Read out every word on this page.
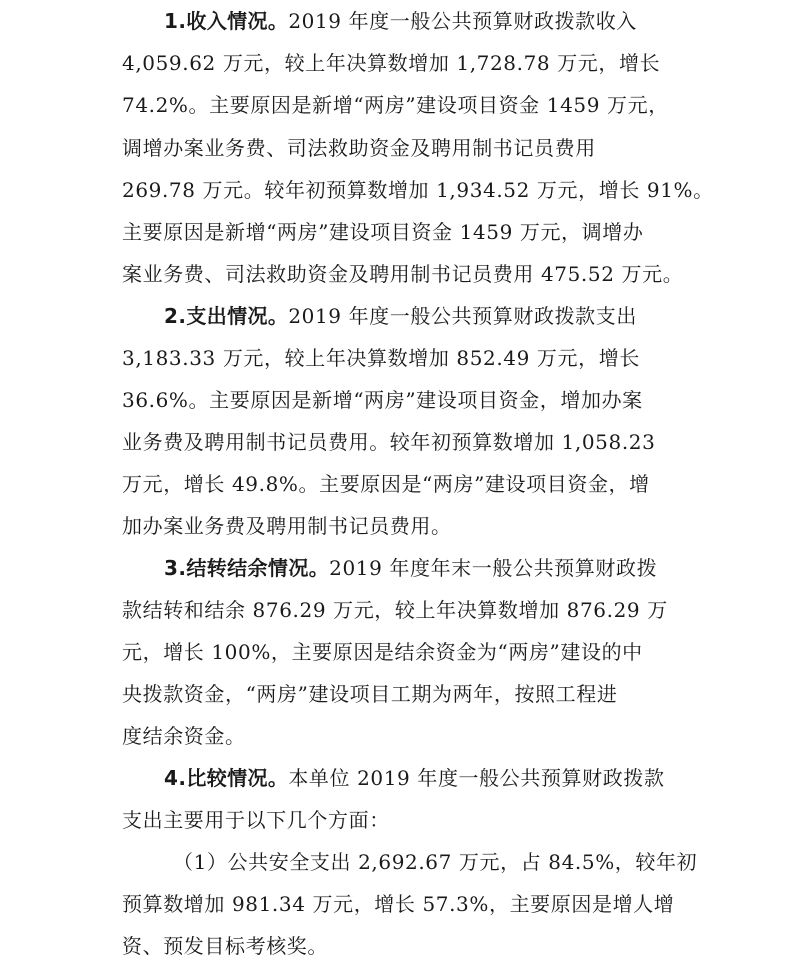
1.收入情况。2019 年度一般公共预算财政拨款收入
4,059.62 万元，较上年决算数增加 1,728.78 万元，增长
74.2%。主要原因是新增“两房”建设项目资金 1459 万元，
调增办案业务费、司法救助资金及聘用制书记员费用
269.78 万元。较年初预算数增加 1,934.52 万元，增长 91%。
主要原因是新增“两房”建设项目资金 1459 万元，调增办
案业务费、司法救助资金及聘用制书记员费用 475.52 万元。
2.支出情况。2019 年度一般公共预算财政拨款支出
3,183.33 万元，较上年决算数增加 852.49 万元，增长
36.6%。主要原因是新增“两房”建设项目资金，增加办案
业务费及聘用制书记员费用。较年初预算数增加 1,058.23
万元，增长 49.8%。主要原因是“两房”建设项目资金，增
加办案业务费及聘用制书记员费用。
3.结转结余情况。2019 年度年末一般公共预算财政拨
款结转和结余 876.29 万元，较上年决算数增加 876.29 万
元，增长 100%，主要原因是结余资金为“两房”建设的中
央拨款资金，“两房”建设项目工期为两年，按照工程进
度结余资金。
4.比较情况。本单位 2019 年度一般公共预算财政拨款
支出主要用于以下几个方面：
（1）公共安全支出 2,692.67 万元，占 84.5%，较年初
预算数增加 981.34 万元，增长 57.3%，主要原因是增人增
资、预发目标考核奖。
